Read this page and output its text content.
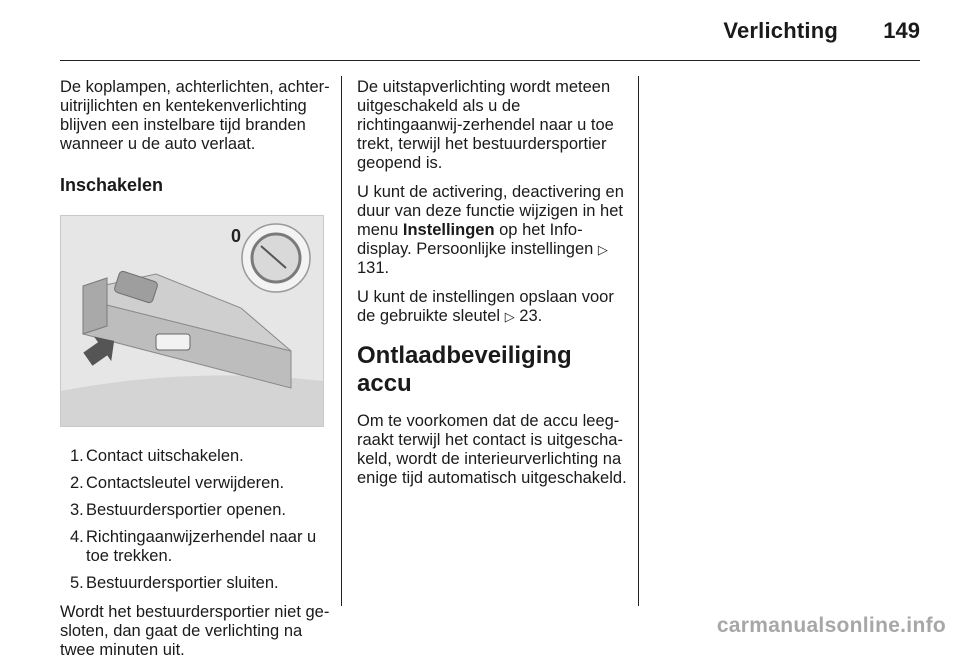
Verlichting 149

De koplampen, achterlichten, achter-uitrijlichten en kentekenverlichting blijven een instelbare tijd branden wanneer u de auto verlaat.

Inschakelen
0
1. Contact uitschakelen.
2. Contactsleutel verwijderen.
3. Bestuurdersportier openen.
4. Richtingaanwijzerhendel naar u toe trekken.
5. Bestuurdersportier sluiten.

Wordt het bestuurdersportier niet ge-sloten, dan gaat de verlichting na twee minuten uit.

De uitstapverlichting wordt meteen uitgeschakeld als u de richtingaanwij-zerhendel naar u toe trekt, terwijl het bestuurdersportier geopend is.

U kunt de activering, deactivering en duur van deze functie wijzigen in het menu Instellingen op het Info-display. Persoonlijke instellingen ▷ 131.

U kunt de instellingen opslaan voor de gebruikte sleutel ▷ 23.

Ontlaadbeveiliging accu

Om te voorkomen dat de accu leeg-raakt terwijl het contact is uitgescha-keld, wordt de interieurverlichting na enige tijd automatisch uitgeschakeld.

carmanualsonline.info
